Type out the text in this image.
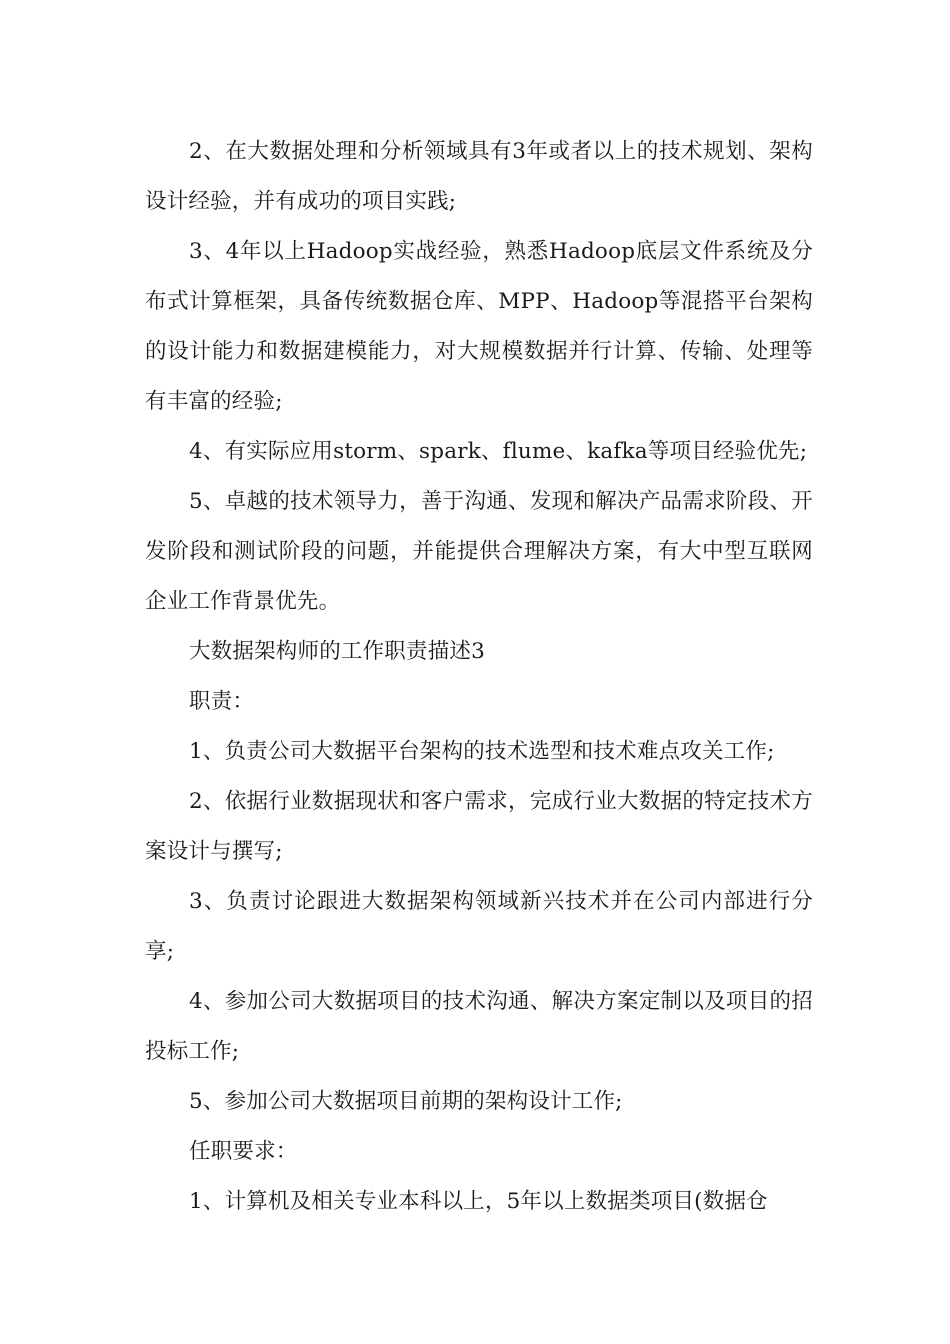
2、在大数据处理和分析领域具有3年或者以上的技术规划、架构设计经验，并有成功的项目实践;

3、4年以上Hadoop实战经验，熟悉Hadoop底层文件系统及分布式计算框架，具备传统数据仓库、MPP、Hadoop等混搭平台架构的设计能力和数据建模能力，对大规模数据并行计算、传输、处理等有丰富的经验;

4、有实际应用storm、spark、flume、kafka等项目经验优先;

5、卓越的技术领导力，善于沟通、发现和解决产品需求阶段、开发阶段和测试阶段的问题，并能提供合理解决方案，有大中型互联网企业工作背景优先。

大数据架构师的工作职责描述3

职责：

1、负责公司大数据平台架构的技术选型和技术难点攻关工作;

2、依据行业数据现状和客户需求，完成行业大数据的特定技术方案设计与撰写;

3、负责讨论跟进大数据架构领域新兴技术并在公司内部进行分享;

4、参加公司大数据项目的技术沟通、解决方案定制以及项目的招投标工作;

5、参加公司大数据项目前期的架构设计工作;

任职要求：

1、计算机及相关专业本科以上，5年以上数据类项目(数据仓
